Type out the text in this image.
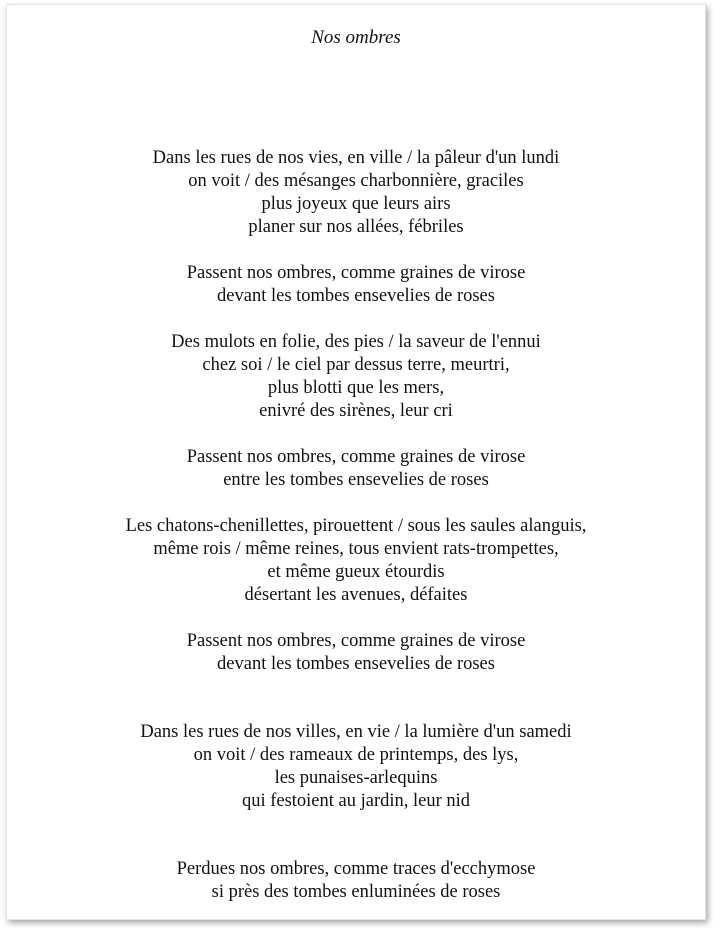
Nos ombres
Dans les rues de nos vies, en ville / la pâleur d'un lundi
on voit / des mésanges charbonnière, graciles
plus joyeux que leurs airs
planer sur nos allées, fébriles
Passent nos ombres, comme graines de virose
devant les tombes ensevelies de roses
Des mulots en folie, des pies / la saveur de l'ennui
chez soi / le ciel par dessus terre, meurtri,
plus blotti que les mers,
enivré des sirènes, leur cri
Passent nos ombres, comme graines de virose
entre les tombes ensevelies de roses
Les chatons-chenillettes, pirouettent / sous les saules alanguis,
même rois / même reines, tous envient rats-trompettes,
et même gueux étourdis
désertant les avenues, défaites
Passent nos ombres, comme graines de virose
devant les tombes ensevelies de roses
Dans les rues de nos villes, en vie / la lumière d'un samedi
on voit / des rameaux de printemps, des lys,
les punaises-arlequins
qui festoient au jardin, leur nid
Perdues nos ombres, comme traces d'ecchymose
si près des tombes enluminées de roses
